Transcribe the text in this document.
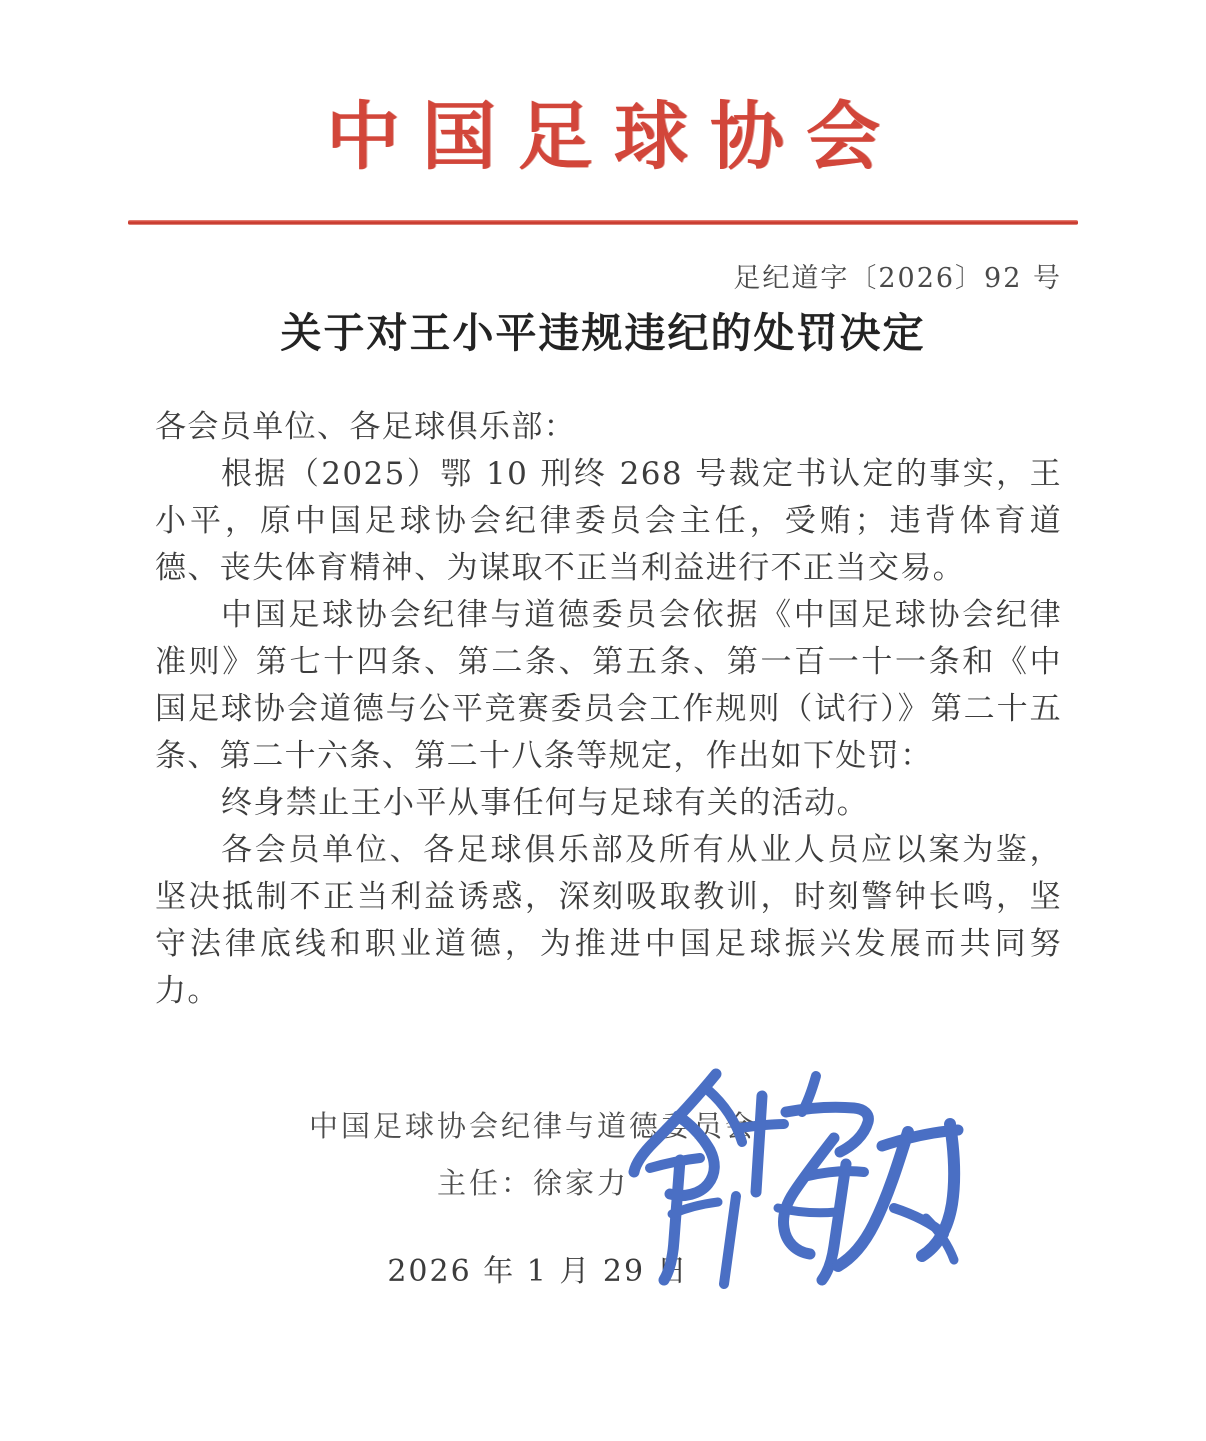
中国足球协会
足纪道字〔2026〕92 号
关于对王小平违规违纪的处罚决定

各会员单位、各足球俱乐部：

根据（2025）鄂 10 刑终 268 号裁定书认定的事实，王小平，原中国足球协会纪律委员会主任，受贿；违背体育道德、丧失体育精神、为谋取不正当利益进行不正当交易。

中国足球协会纪律与道德委员会依据《中国足球协会纪律准则》第七十四条、第二条、第五条、第一百一十一条和《中国足球协会道德与公平竞赛委员会工作规则（试行）》第二十五条、第二十六条、第二十八条等规定，作出如下处罚：

终身禁止王小平从事任何与足球有关的活动。

各会员单位、各足球俱乐部及所有从业人员应以案为鉴，坚决抵制不正当利益诱惑，深刻吸取教训，时刻警钟长鸣，坚守法律底线和职业道德，为推进中国足球振兴发展而共同努力。

中国足球协会纪律与道德委员会
主任：徐家力
2026 年 1 月 29 日
